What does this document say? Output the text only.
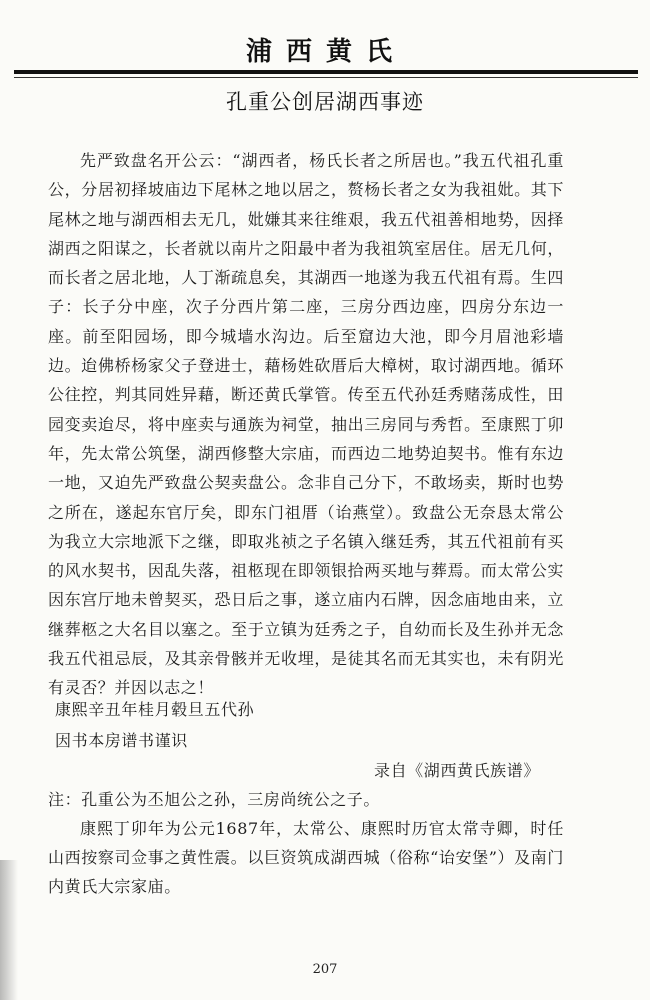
浦西黄氏
孔重公创居湖西事迹
先严致盘名开公云：“湖西者，杨氏长者之所居也。”我五代祖孔重公，分居初择坡庙边下尾林之地以居之，赘杨长者之女为我祖妣。其下尾林之地与湖西相去无几，妣嫌其来往维艰，我五代祖善相地势，因择湖西之阳谋之，长者就以南片之阳最中者为我祖筑室居住。居无几何，而长者之居北地，人丁渐疏息矣，其湖西一地遂为我五代祖有焉。生四子：长子分中座，次子分西片第二座，三房分西边座，四房分东边一座。前至阳园场，即今城墙水沟边。后至窟边大池，即今月眉池彩墙边。迨佛桥杨家父子登进士，藉杨姓砍厝后大樟树，取讨湖西地。循环公往控，判其同姓异藉，断还黄氏掌管。传至五代孙廷秀赌荡成性，田园变卖迨尽，将中座卖与通族为祠堂，抽出三房同与秀哲。至康熙丁卯年，先太常公筑堡，湖西修整大宗庙，而西边二地势迫契书。惟有东边一地，又迫先严致盘公契卖盘公。念非自己分下，不敢场卖，斯时也势之所在，遂起东官厅矣，即东门祖厝（诒燕堂）。致盘公无奈恳太常公为我立大宗地派下之继，即取兆祯之子名镇入继廷秀，其五代祖前有买的风水契书，因乱失落，祖柩现在即领银拾两买地与葬焉。而太常公实因东宫厅地未曾契买，恐日后之事，遂立庙内石牌，因念庙地由来，立继葬柩之大名目以塞之。至于立镇为廷秀之子，自幼而长及生孙并无念我五代祖忌辰，及其亲骨骸并无收埋，是徒其名而无其实也，未有阴光有灵否？并因以志之！
康熙辛丑年桂月毂旦五代孙
因书本房谱书谨识
录自《湖西黄氏族谱》

注：孔重公为丕旭公之孙，三房尚统公之子。

康熙丁卯年为公元1687年，太常公、康熙时历官太常寺卿，时任山西按察司佥事之黄性震。以巨资筑成湖西城（俗称“诒安堡”）及南门内黄氏大宗家庙。

207
